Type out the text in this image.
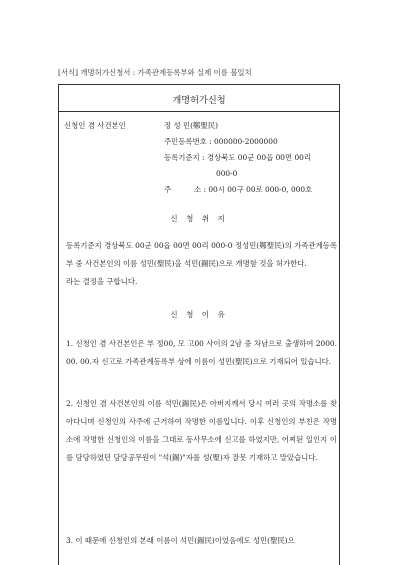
[서식] 개명허가신청서 : 가족관계등록부와 실제 이름 불일치
개명허가신청
신청인 겸 사건본인	정 성 민(鄭聖民)
주민등록번호 : 000000-2000000
등록기준지 : 경상북도 00군 00읍 00면 00리
000-0
주	소 : 00시 00구 00로 000-0, 000호
신 청 취 지
등록기준지 경상북도 00군 00읍 00면 00리 000-0 정성민(鄭聖民)의 가족관계등록부 중 사건본인의 이름 성민(聖民)을 석민(錫民)으로 개명함 것을 허가한다.
라는 결정을 구합니다.
신 청 이 유
1. 신청인 겸 사건본인은 부 정00, 모 고00 사이의 2남 중 차남으로 출생하여 2000. 00. 00.자 신고로 가족관계등록부 상에 이름이 성민(聖民)으로 기재되어 있습니다.
2. 신청인 겸 사건본인의 이름 석민(錫民)은 아버지께서 당시 여러 곳의 작명소를 찾아다니며 신청인의 사주에 근거하여 작명한 이름입니다. 이후 신청인의 부친은 작명소에 작명한 신청인의 이름을 그대로 동사무소에 신고를 하였지만, 어찌된 일인지 이를 담당하였던 담당공무원이 "석(錫)"자를 성(聖)자 잘못 기재하고 말았습니다.
3. 이 때문에 신청인의 본래 이름이 석민(錫民)이었음에도 성민(聖民)으
